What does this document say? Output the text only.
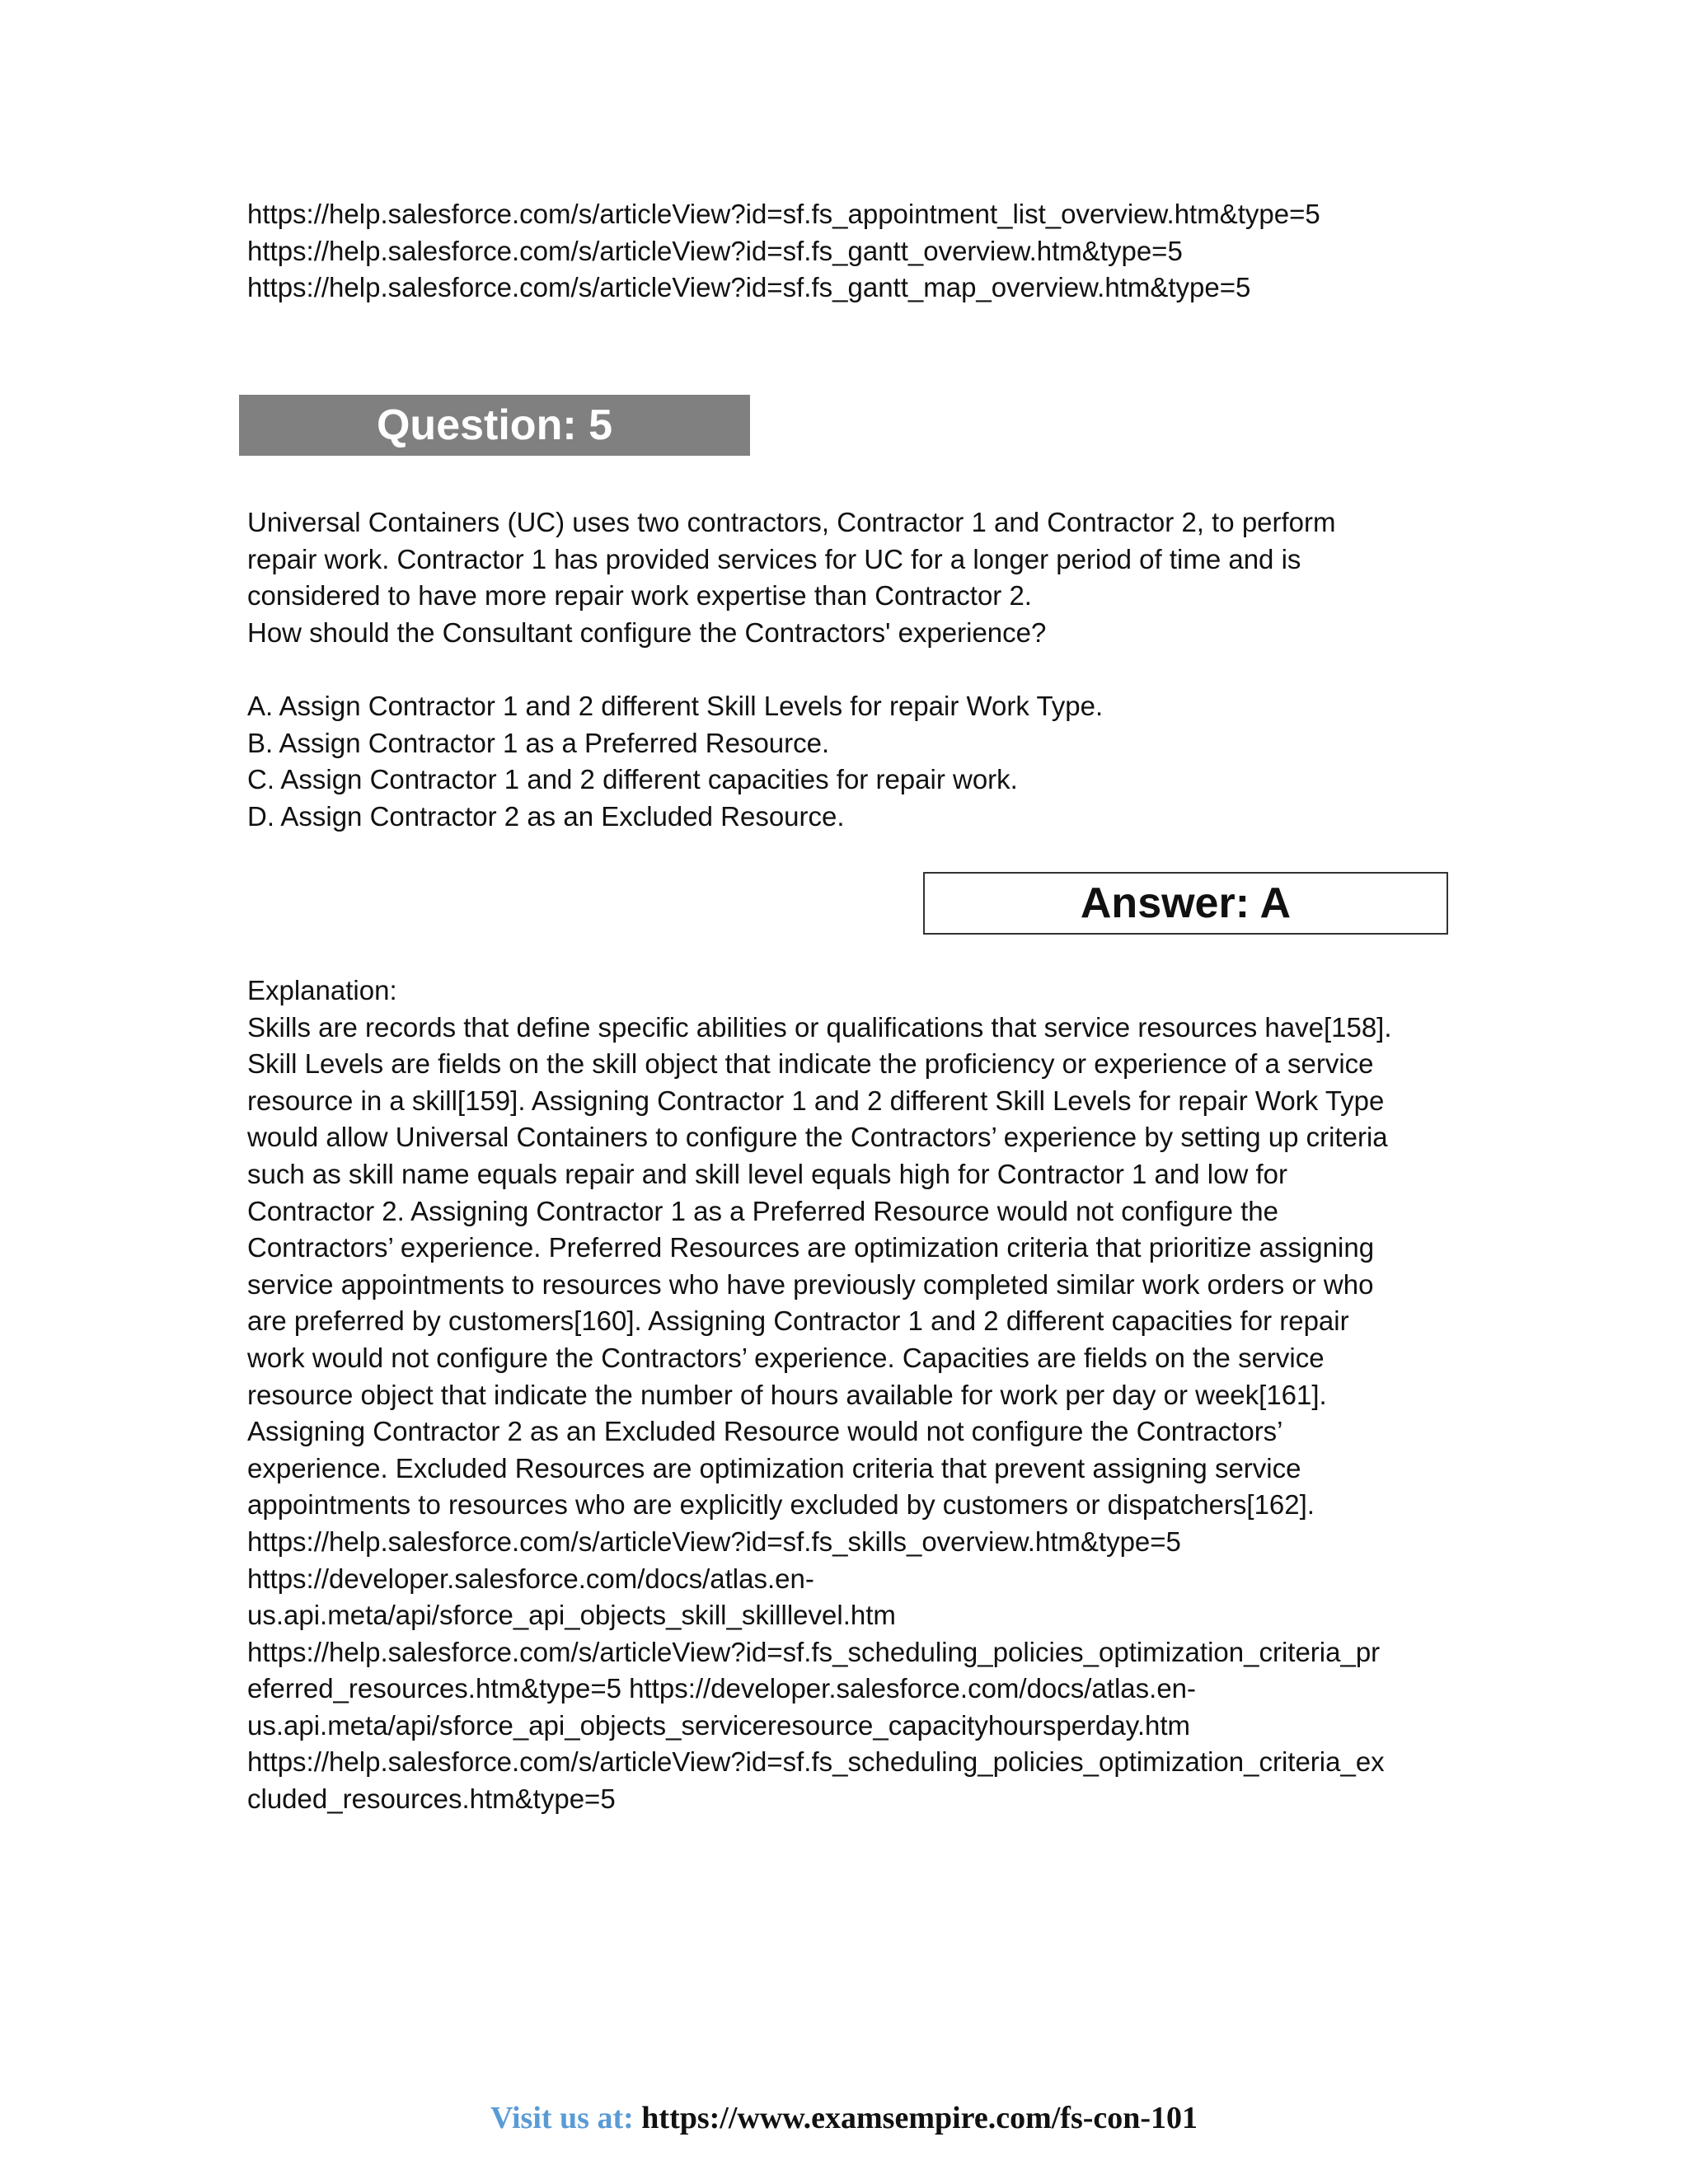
https://help.salesforce.com/s/articleView?id=sf.fs_appointment_list_overview.htm&type=5
https://help.salesforce.com/s/articleView?id=sf.fs_gantt_overview.htm&type=5
https://help.salesforce.com/s/articleView?id=sf.fs_gantt_map_overview.htm&type=5
Question: 5
Universal Containers (UC) uses two contractors, Contractor 1 and Contractor 2, to perform
repair work. Contractor 1 has provided services for UC for a longer period of time and is
considered to have more repair work expertise than Contractor 2.
How should the Consultant configure the Contractors' experience?
A. Assign Contractor 1 and 2 different Skill Levels for repair Work Type.
B. Assign Contractor 1 as a Preferred Resource.
C. Assign Contractor 1 and 2 different capacities for repair work.
D. Assign Contractor 2 as an Excluded Resource.
Answer: A
Explanation:
Skills are records that define specific abilities or qualifications that service resources have[158].
Skill Levels are fields on the skill object that indicate the proficiency or experience of a service
resource in a skill[159]. Assigning Contractor 1 and 2 different Skill Levels for repair Work Type
would allow Universal Containers to configure the Contractors’ experience by setting up criteria
such as skill name equals repair and skill level equals high for Contractor 1 and low for
Contractor 2. Assigning Contractor 1 as a Preferred Resource would not configure the
Contractors’ experience. Preferred Resources are optimization criteria that prioritize assigning
service appointments to resources who have previously completed similar work orders or who
are preferred by customers[160]. Assigning Contractor 1 and 2 different capacities for repair
work would not configure the Contractors’ experience. Capacities are fields on the service
resource object that indicate the number of hours available for work per day or week[161].
Assigning Contractor 2 as an Excluded Resource would not configure the Contractors’
experience. Excluded Resources are optimization criteria that prevent assigning service
appointments to resources who are explicitly excluded by customers or dispatchers[162].
https://help.salesforce.com/s/articleView?id=sf.fs_skills_overview.htm&type=5
https://developer.salesforce.com/docs/atlas.en-
us.api.meta/api/sforce_api_objects_skill_skilllevel.htm
https://help.salesforce.com/s/articleView?id=sf.fs_scheduling_policies_optimization_criteria_pr
eferred_resources.htm&type=5 https://developer.salesforce.com/docs/atlas.en-
us.api.meta/api/sforce_api_objects_serviceresource_capacityhoursperday.htm
https://help.salesforce.com/s/articleView?id=sf.fs_scheduling_policies_optimization_criteria_ex
cluded_resources.htm&type=5
Visit us at: https://www.examsempire.com/fs-con-101
